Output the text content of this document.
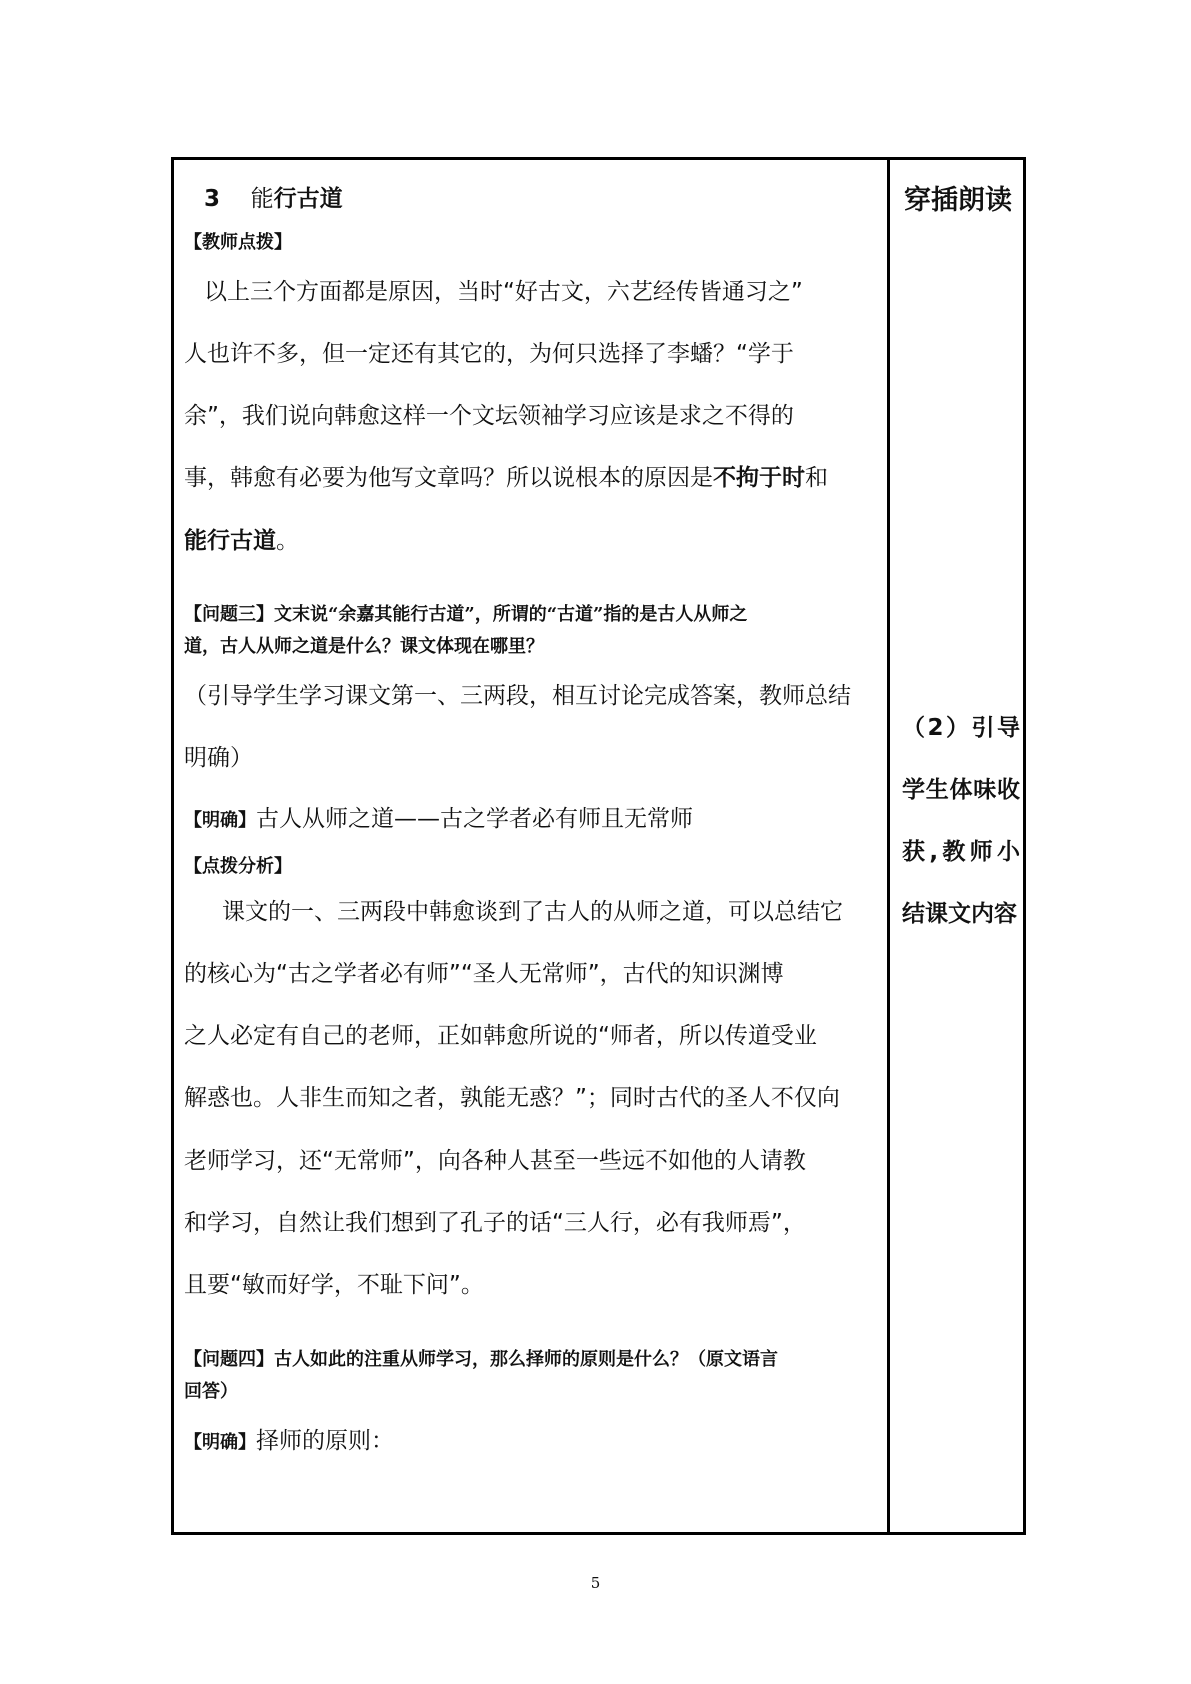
3 能行古道
【教师点拨】
以上三个方面都是原因，当时“好古文，六艺经传皆通习之”
人也许不多，但一定还有其它的，为何只选择了李蟠？“学于
余”，我们说向韩愈这样一个文坛领袖学习应该是求之不得的
事，韩愈有必要为他写文章吗？所以说根本的原因是不拘于时和
能行古道。
【问题三】文末说“余嘉其能行古道”，所谓的“古道”指的是古人从师之
道，古人从师之道是什么？课文体现在哪里？
（引导学生学习课文第一、三两段，相互讨论完成答案，教师总结
明确）
【明确】古人从师之道——古之学者必有师且无常师
【点拨分析】
课文的一、三两段中韩愈谈到了古人的从师之道，可以总结它
的核心为“古之学者必有师”“圣人无常师”，古代的知识渊博
之人必定有自己的老师，正如韩愈所说的“师者，所以传道受业
解惑也。人非生而知之者，孰能无惑？”；同时古代的圣人不仅向
老师学习，还“无常师”，向各种人甚至一些远不如他的人请教
和学习，自然让我们想到了孔子的话“三人行，必有我师焉”，
且要“敏而好学，不耻下问”。
【问题四】古人如此的注重从师学习，那么择师的原则是什么？（原文语言
回答）
【明确】择师的原则：
穿插朗读
（2）引导学生体味收获,教师小结课文内容
5
